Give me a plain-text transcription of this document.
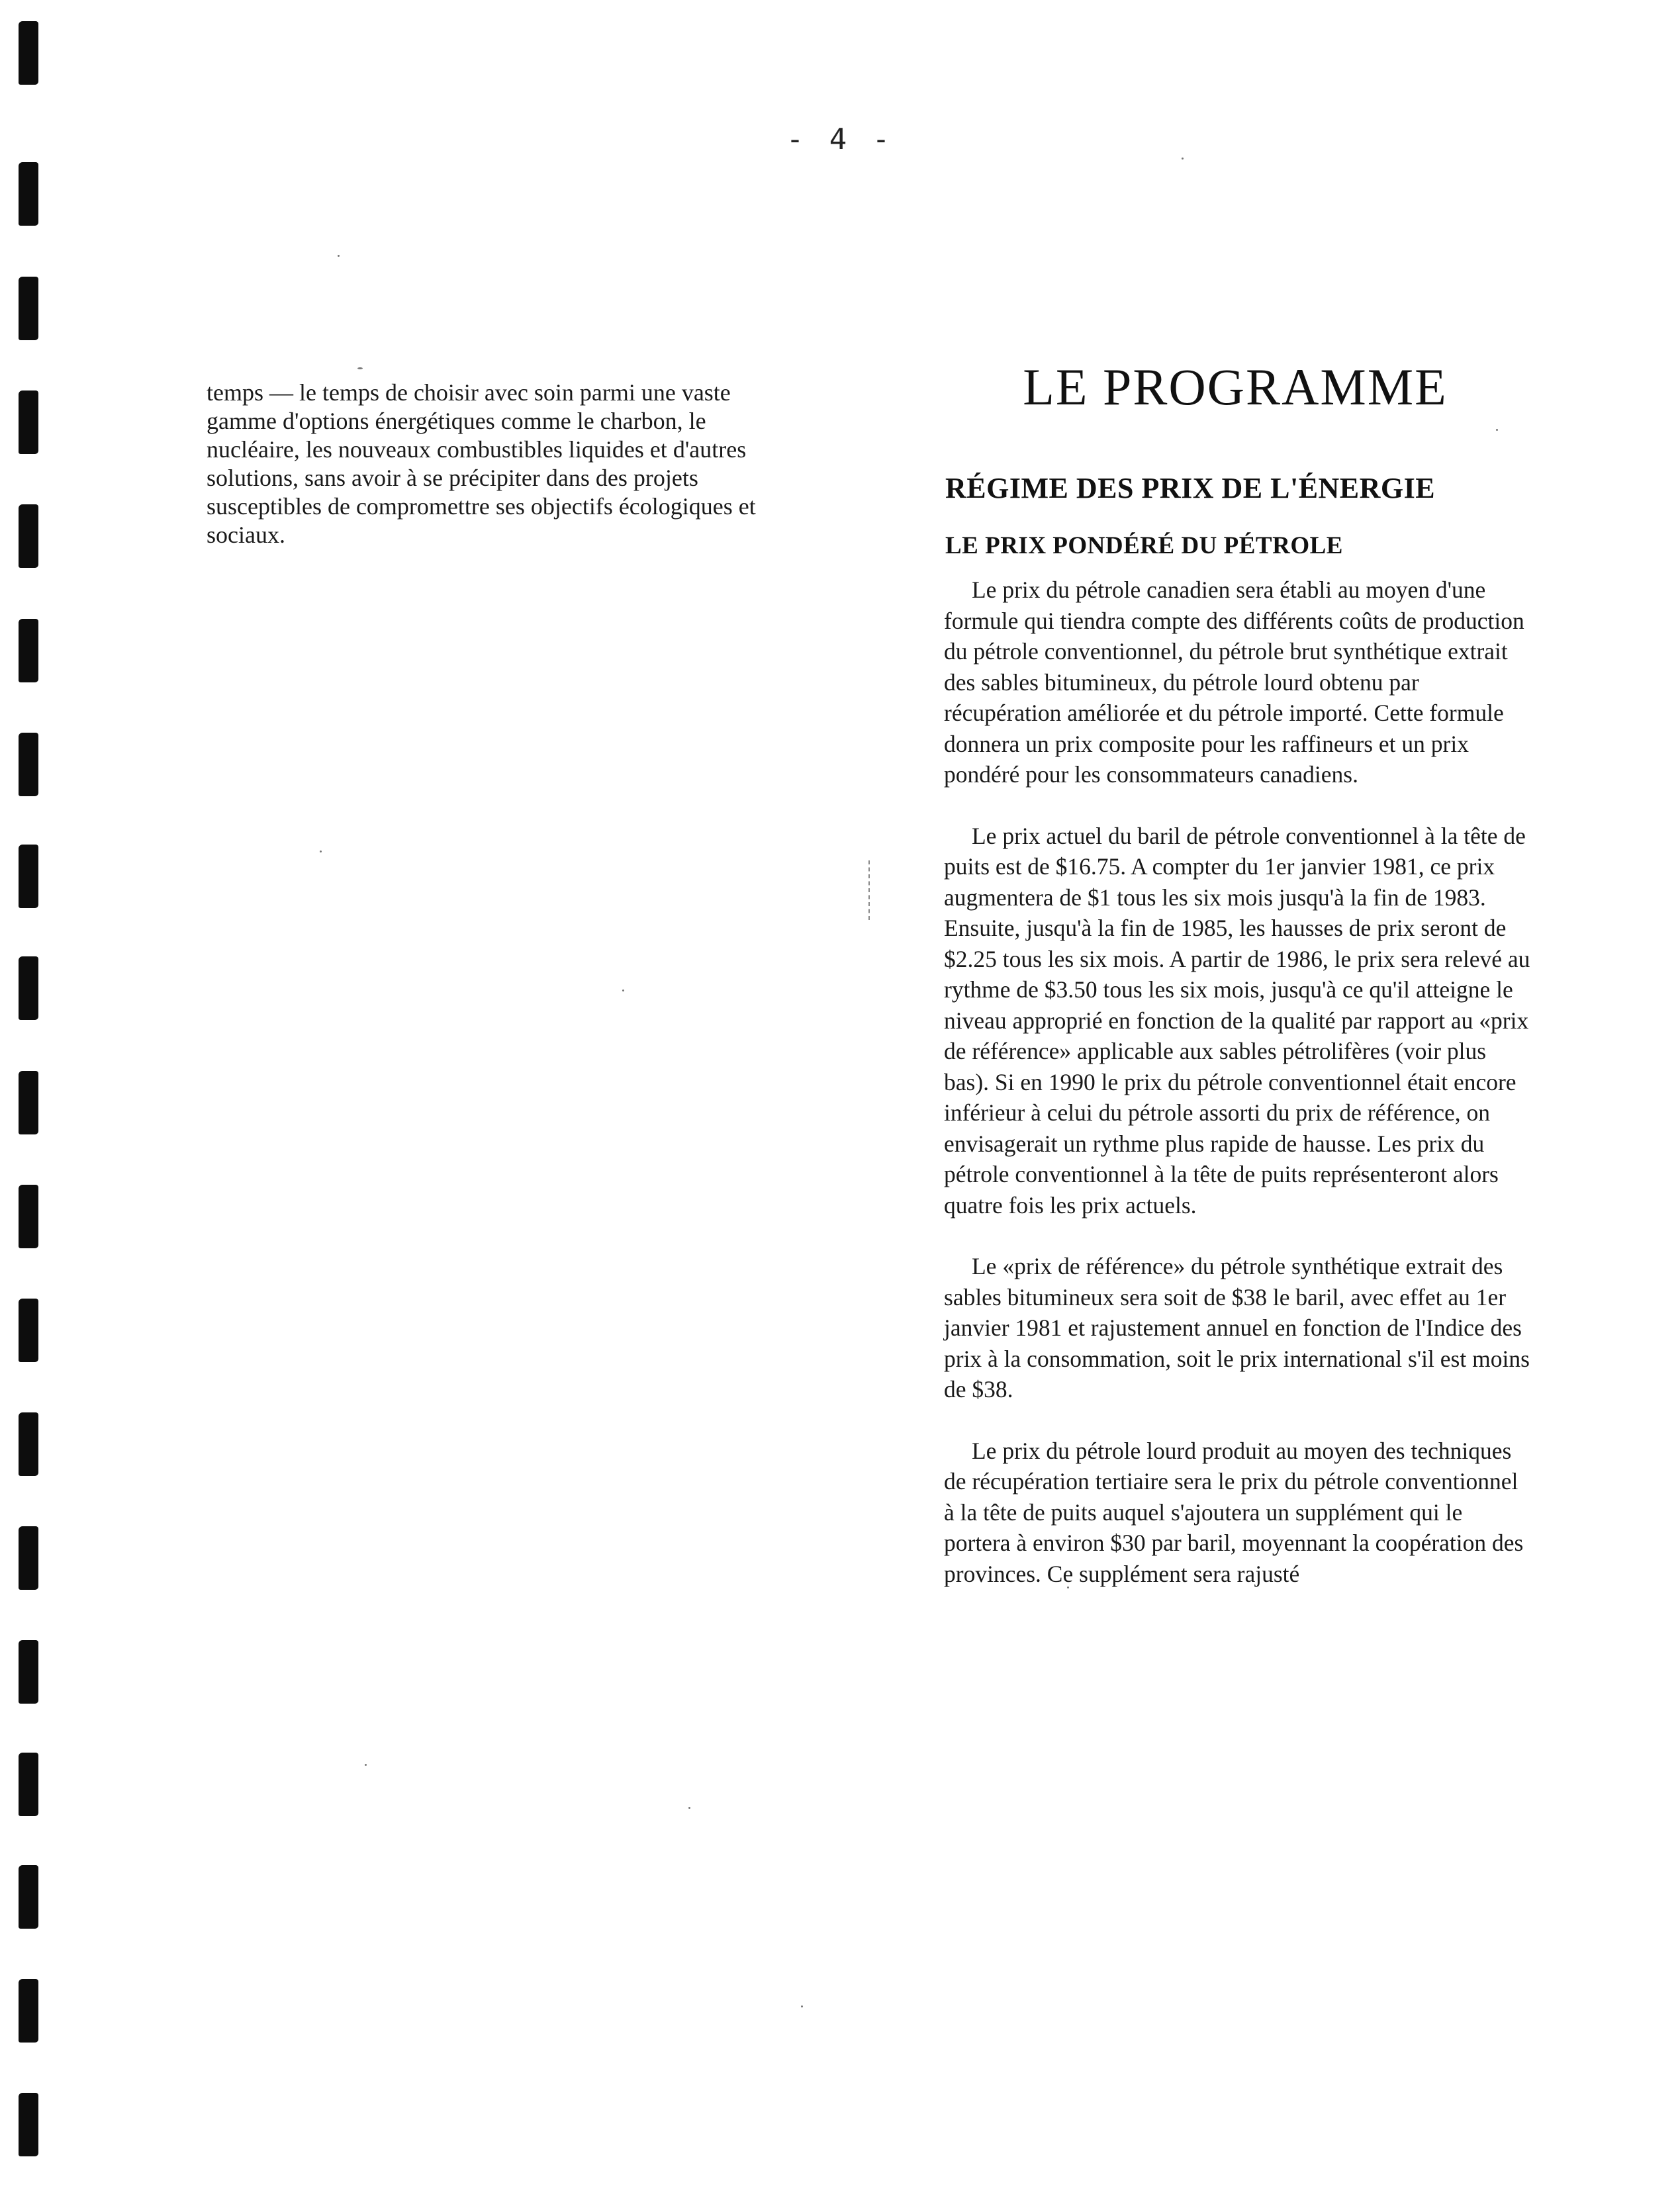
- 4 -

temps — le temps de choisir avec soin parmi une vaste gamme d'options énergétiques comme le charbon, le nucléaire, les nouveaux combustibles liquides et d'autres solutions, sans avoir à se précipiter dans des projets susceptibles de compromettre ses objectifs écologiques et sociaux.

LE PROGRAMME
RÉGIME DES PRIX DE L'ÉNERGIE
LE PRIX PONDÉRÉ DU PÉTROLE

Le prix du pétrole canadien sera établi au moyen d'une formule qui tiendra compte des différents coûts de production du pétrole conventionnel, du pétrole brut synthétique extrait des sables bitumineux, du pétrole lourd obtenu par récupération améliorée et du pétrole importé. Cette formule donnera un prix composite pour les raffineurs et un prix pondéré pour les consommateurs canadiens.

Le prix actuel du baril de pétrole conventionnel à la tête de puits est de $16.75. A compter du 1er janvier 1981, ce prix augmentera de $1 tous les six mois jusqu'à la fin de 1983. Ensuite, jusqu'à la fin de 1985, les hausses de prix seront de $2.25 tous les six mois. A partir de 1986, le prix sera relevé au rythme de $3.50 tous les six mois, jusqu'à ce qu'il atteigne le niveau approprié en fonction de la qualité par rapport au «prix de référence» applicable aux sables pétrolifères (voir plus bas). Si en 1990 le prix du pétrole conventionnel était encore inférieur à celui du pétrole assorti du prix de référence, on envisagerait un rythme plus rapide de hausse. Les prix du pétrole conventionnel à la tête de puits représenteront alors quatre fois les prix actuels.

Le «prix de référence» du pétrole synthétique extrait des sables bitumineux sera soit de $38 le baril, avec effet au 1er janvier 1981 et rajustement annuel en fonction de l'Indice des prix à la consommation, soit le prix international s'il est moins de $38.

Le prix du pétrole lourd produit au moyen des techniques de récupération tertiaire sera le prix du pétrole conventionnel à la tête de puits auquel s'ajoutera un supplément qui le portera à environ $30 par baril, moyennant la coopération des provinces. Ce supplément sera rajusté
